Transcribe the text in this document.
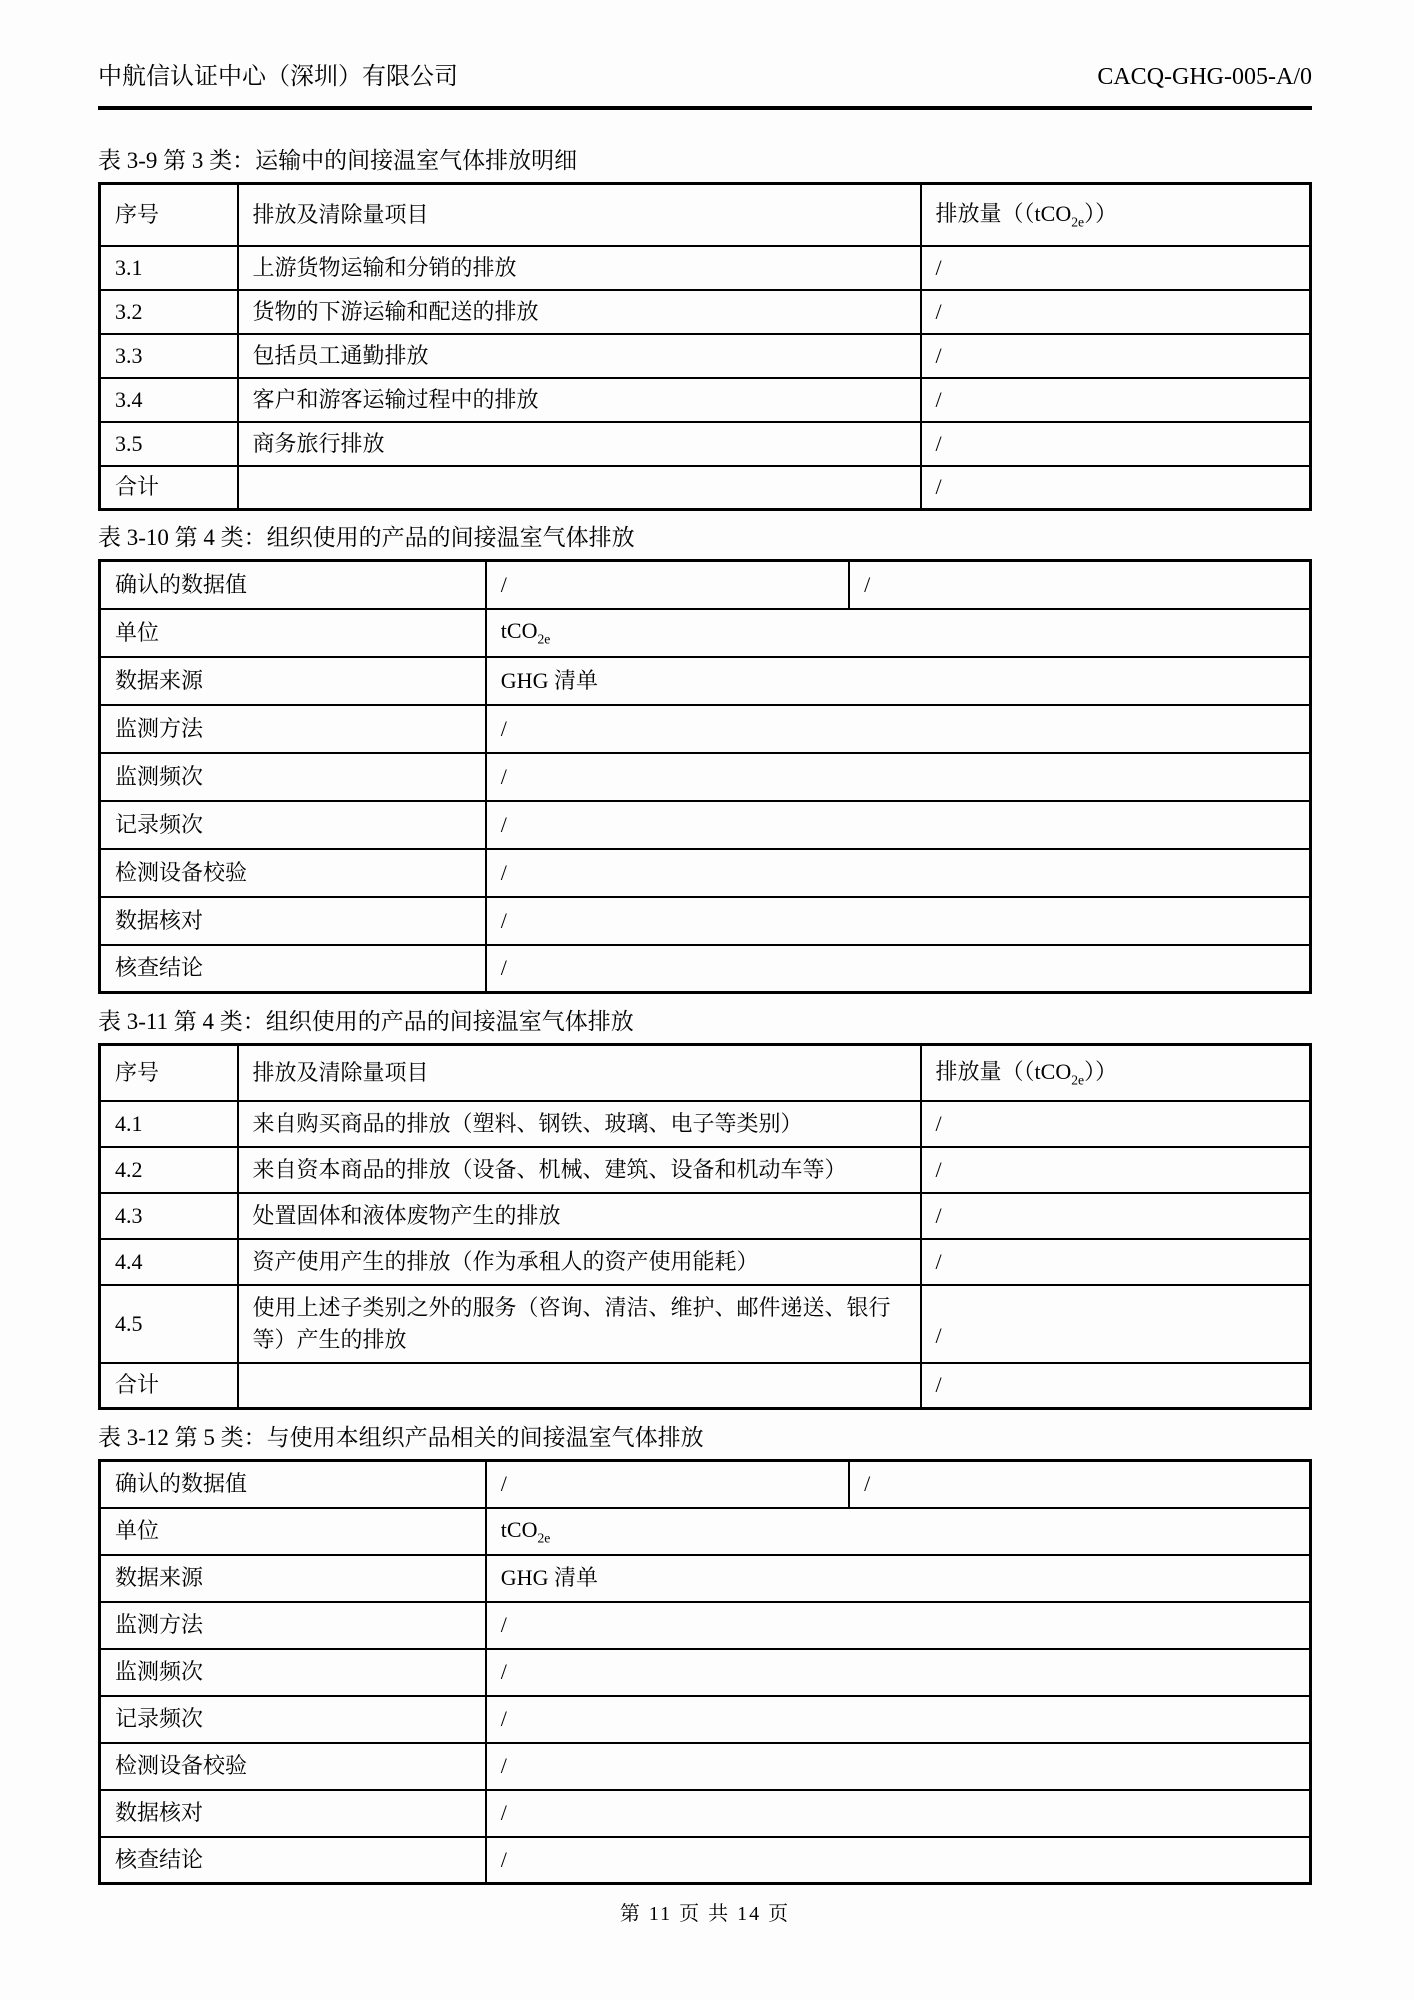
中航信认证中心（深圳）有限公司	CACQ-GHG-005-A/0
表 3-9 第 3 类：运输中的间接温室气体排放明细
序号	排放及清除量项目	排放量（（tCO$_{2e}$））
3.1	上游货物运输和分销的排放	/
3.2	货物的下游运输和配送的排放	/
3.3	包括员工通勤排放	/
3.4	客户和游客运输过程中的排放	/
3.5	商务旅行排放	/
合计		/
表 3-10 第 4 类：组织使用的产品的间接温室气体排放
确认的数据值	/	/
单位	tCO$_{2e}$
数据来源	GHG 清单	
监测方法	/	
监测频次	/	
记录频次	/	
检测设备校验	/	
数据核对	/	
核查结论	/	
表 3-11 第 4 类：组织使用的产品的间接温室气体排放
序号	排放及清除量项目	排放量（（tCO$_{2e}$））
4.1	来自购买商品的排放（塑料、钢铁、玻璃、电子等类别）	/
4.2	来自资本商品的排放（设备、机械、建筑、设备和机动车等）	/
4.3	处置固体和液体废物产生的排放	/
4.4	资产使用产生的排放（作为承租人的资产使用能耗）	/
4.5	使用上述子类别之外的服务（咨询、清洁、维护、邮件递送、银行等）产生的排放	/
合计		/
表 3-12 第 5 类：与使用本组织产品相关的间接温室气体排放
确认的数据值	/	/
单位	tCO$_{2e}$
数据来源	GHG 清单	
监测方法	/	
监测频次	/	
记录频次	/	
检测设备校验	/	
数据核对	/	
核查结论	/	
第 11 页 共 14 页
